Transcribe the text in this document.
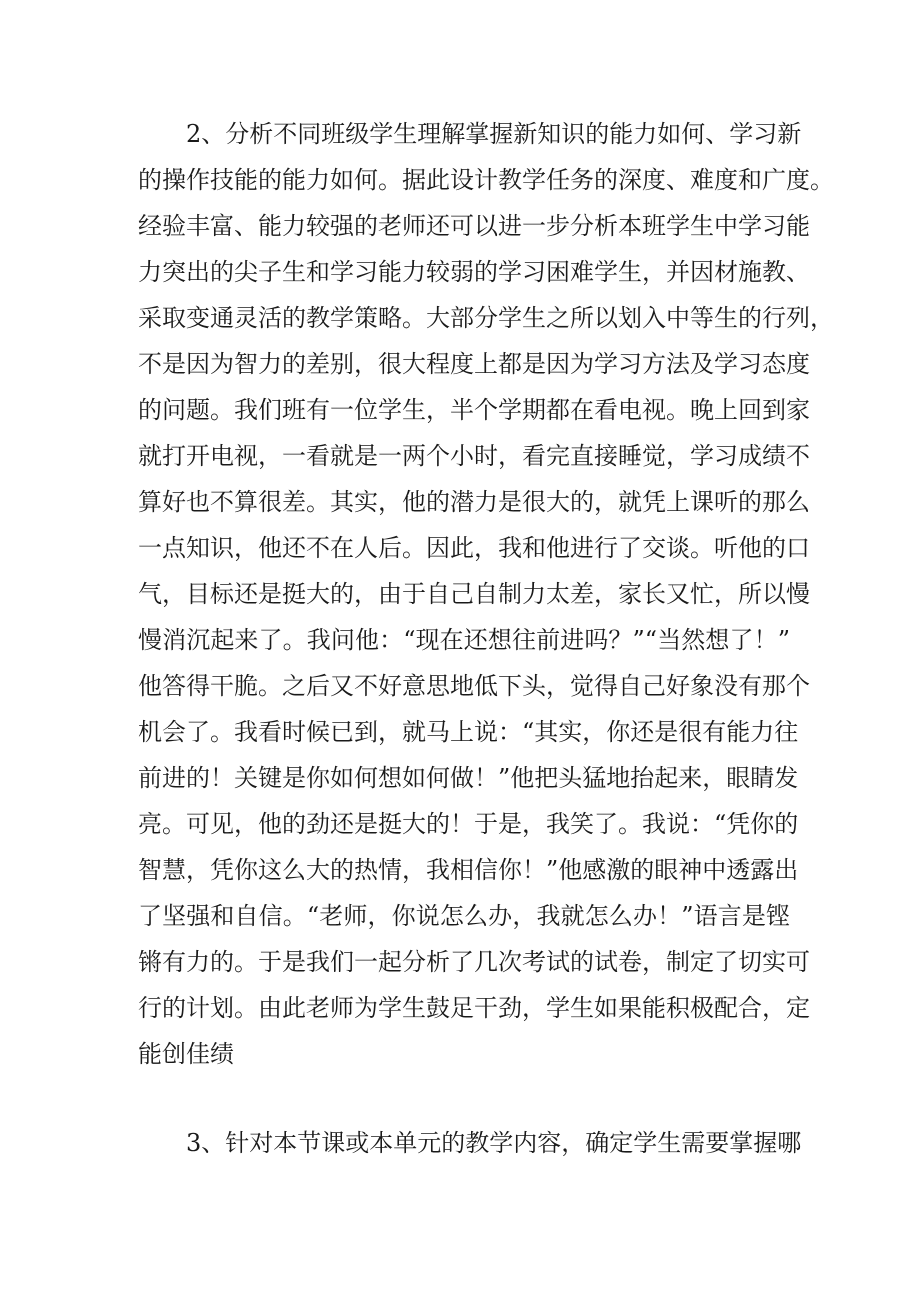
2、分析不同班级学生理解掌握新知识的能力如何、学习新
的操作技能的能力如何。据此设计教学任务的深度、难度和广度。
经验丰富、能力较强的老师还可以进一步分析本班学生中学习能
力突出的尖子生和学习能力较弱的学习困难学生，并因材施教、
采取变通灵活的教学策略。大部分学生之所以划入中等生的行列，
不是因为智力的差别，很大程度上都是因为学习方法及学习态度
的问题。我们班有一位学生，半个学期都在看电视。晚上回到家
就打开电视，一看就是一两个小时，看完直接睡觉，学习成绩不
算好也不算很差。其实，他的潜力是很大的，就凭上课听的那么
一点知识，他还不在人后。因此，我和他进行了交谈。听他的口
气，目标还是挺大的，由于自己自制力太差，家长又忙，所以慢
慢消沉起来了。我问他：“现在还想往前进吗？”“当然想了！”
他答得干脆。之后又不好意思地低下头，觉得自己好象没有那个
机会了。我看时候已到，就马上说：“其实，你还是很有能力往
前进的！关键是你如何想如何做！”他把头猛地抬起来，眼睛发
亮。可见，他的劲还是挺大的！于是，我笑了。我说：“凭你的
智慧，凭你这么大的热情，我相信你！”他感激的眼神中透露出
了坚强和自信。“老师，你说怎么办，我就怎么办！”语言是铿
锵有力的。于是我们一起分析了几次考试的试卷，制定了切实可
行的计划。由此老师为学生鼓足干劲，学生如果能积极配合，定
能创佳绩
3、针对本节课或本单元的教学内容，确定学生需要掌握哪
